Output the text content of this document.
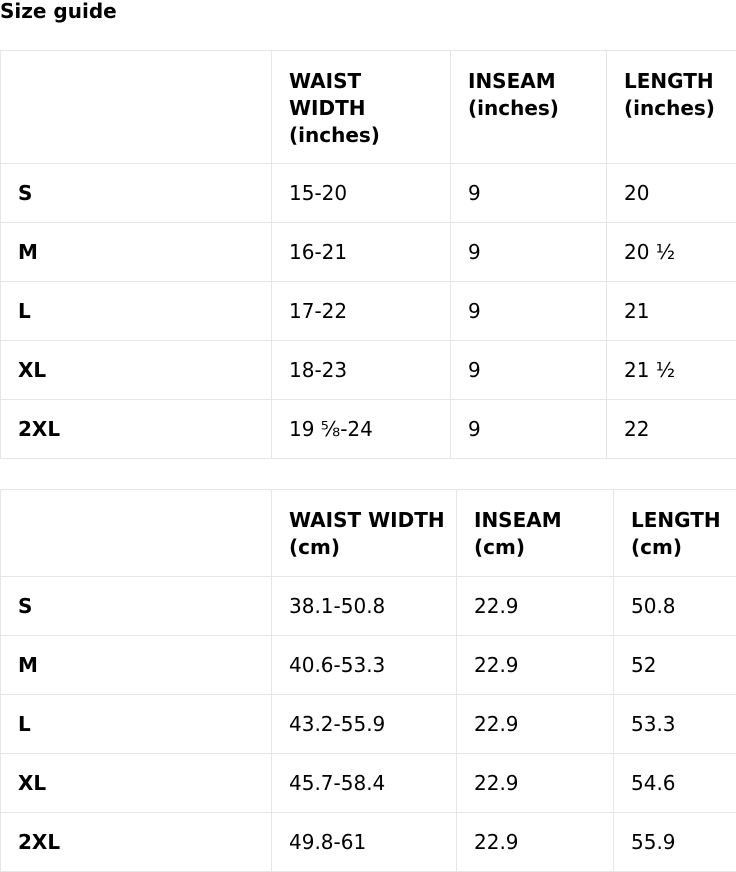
Size guide
	WAIST WIDTH (inches)	INSEAM (inches)	LENGTH (inches)
S	15-20	9	20
M	16-21	9	20 ½
L	17-22	9	21
XL	18-23	9	21 ½
2XL	19 ⅝-24	9	22
	WAIST WIDTH (cm)	INSEAM (cm)	LENGTH (cm)
S	38.1-50.8	22.9	50.8
M	40.6-53.3	22.9	52
L	43.2-55.9	22.9	53.3
XL	45.7-58.4	22.9	54.6
2XL	49.8-61	22.9	55.9
